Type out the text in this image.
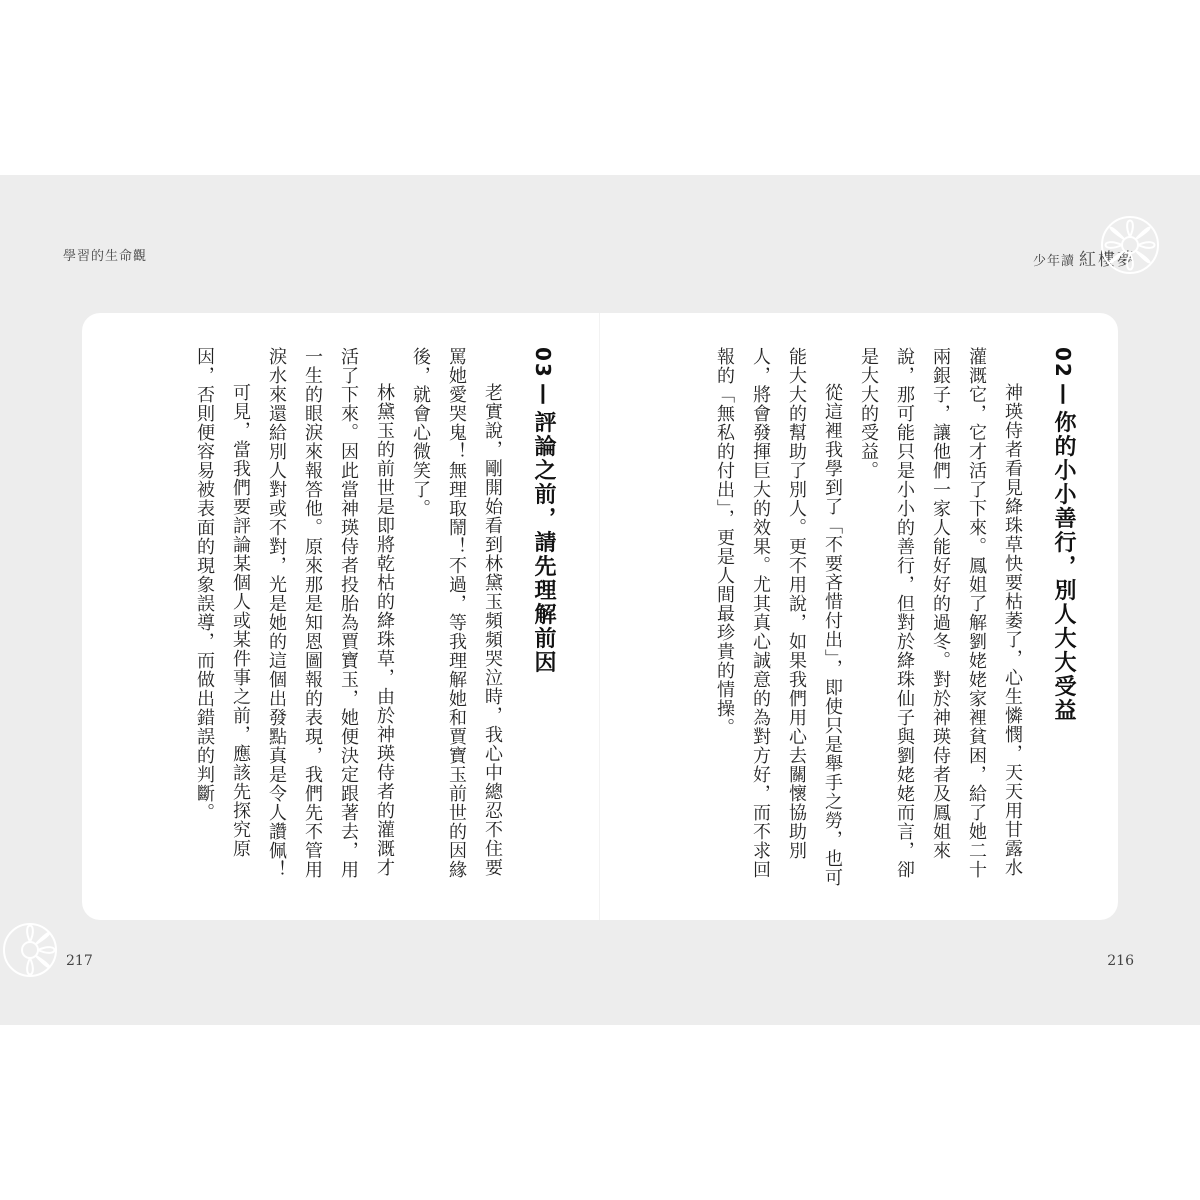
學習的生命觀	少年讀 紅樓夢
02—你的小小善行，別人大大受益

神瑛侍者看見絳珠草快要枯萎了，心生憐憫，天天用甘露水灌溉它，它才活了下來。鳳姐了解劉姥姥家裡貧困，給了她二十兩銀子，讓他們一家人能好好的過冬。對於神瑛侍者及鳳姐來說，那可能只是小小的善行，但對於絳珠仙子與劉姥姥而言，卻是大大的受益。

從這裡我學到了「不要吝惜付出」，即使只是舉手之勞，也可能大大的幫助了別人。更不用說，如果我們用心去關懷協助別人，將會發揮巨大的效果。尤其真心誠意的為對方好，而不求回報的「無私的付出」，更是人間最珍貴的情操。

03—評論之前，請先理解前因

老實說，剛開始看到林黛玉頻頻哭泣時，我心中總忍不住要罵她愛哭鬼！無理取鬧！不過，等我理解她和賈寶玉前世的因緣後，就會心微笑了。

林黛玉的前世是即將乾枯的絳珠草，由於神瑛侍者的灌溉才活了下來。因此當神瑛侍者投胎為賈寶玉，她便決定跟著去，用一生的眼淚來報答他。原來那是知恩圖報的表現，我們先不管用淚水來還給別人對或不對，光是她的這個出發點真是令人讚佩！

可見，當我們要評論某個人或某件事之前，應該先探究原因，否則便容易被表面的現象誤導，而做出錯誤的判斷。

217	216
